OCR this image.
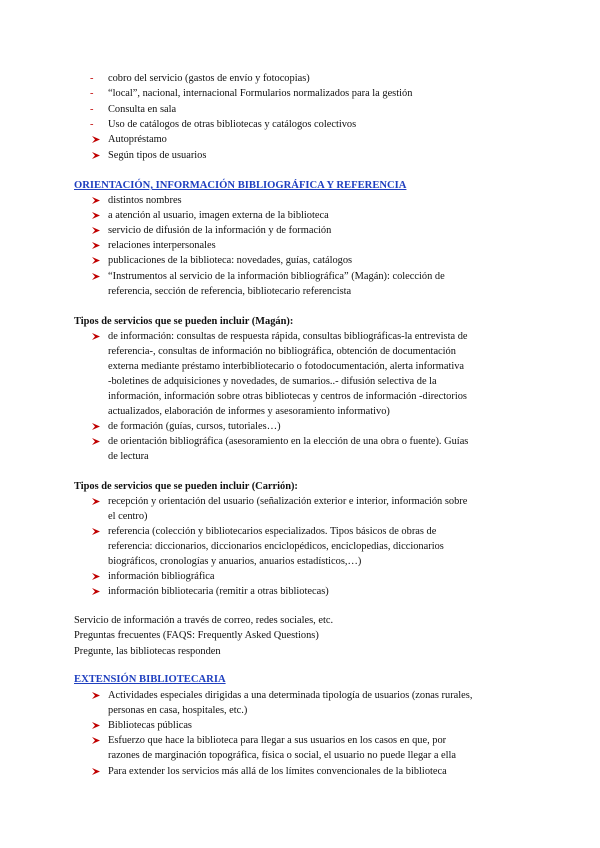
- cobro del servicio (gastos de envío y fotocopias)
- “local”, nacional, internacional Formularios normalizados para la gestión
- Consulta en sala
- Uso de catálogos de otras bibliotecas y catálogos colectivos
Autopréstamo
Según tipos de usuarios
ORIENTACIÓN, INFORMACIÓN BIBLIOGRÁFICA Y REFERENCIA
distintos nombres
a atención al usuario, imagen externa de la biblioteca
servicio de difusión de la información y de formación
relaciones interpersonales
publicaciones de la biblioteca: novedades, guías, catálogos
“Instrumentos al servicio de la información bibliográfica” (Magán): colección de
referencia, sección de referencia, bibliotecario referencista
Tipos de servicios que se pueden incluir (Magán):
de información: consultas de respuesta rápida, consultas bibliográficas-la entrevista de
referencia-, consultas de información no bibliográfica, obtención de documentación
externa mediante préstamo interbibliotecario o fotodocumentación, alerta informativa
-boletines de adquisiciones y novedades, de sumarios..- difusión selectiva de la
información, información sobre otras bibliotecas y centros de información -directorios
actualizados, elaboración de informes y asesoramiento informativo)
de formación (guías, cursos, tutoriales…)
de orientación bibliográfica (asesoramiento en la elección de una obra o fuente). Guías
de lectura
Tipos de servicios que se pueden incluir (Carrión):
recepción y orientación del usuario (señalización exterior e interior, información sobre
el centro)
referencia (colección y bibliotecarios especializados. Tipos básicos de obras de
referencia: diccionarios, diccionarios enciclopédicos, enciclopedias, diccionarios
biográficos, cronologías y anuarios, anuarios estadísticos,…)
información bibliográfica
información bibliotecaria (remitir a otras bibliotecas)
Servicio de información a través de correo, redes sociales, etc.
Preguntas frecuentes (FAQS: Frequently Asked Questions)
Pregunte, las bibliotecas responden
EXTENSIÓN BIBLIOTECARIA
Actividades especiales dirigidas a una determinada tipología de usuarios (zonas rurales,
personas en casa, hospitales, etc.)
Bibliotecas públicas
Esfuerzo que hace la biblioteca para llegar a sus usuarios en los casos en que, por
razones de marginación topográfica, física o social, el usuario no puede llegar a ella
Para extender los servicios más allá de los límites convencionales de la biblioteca
